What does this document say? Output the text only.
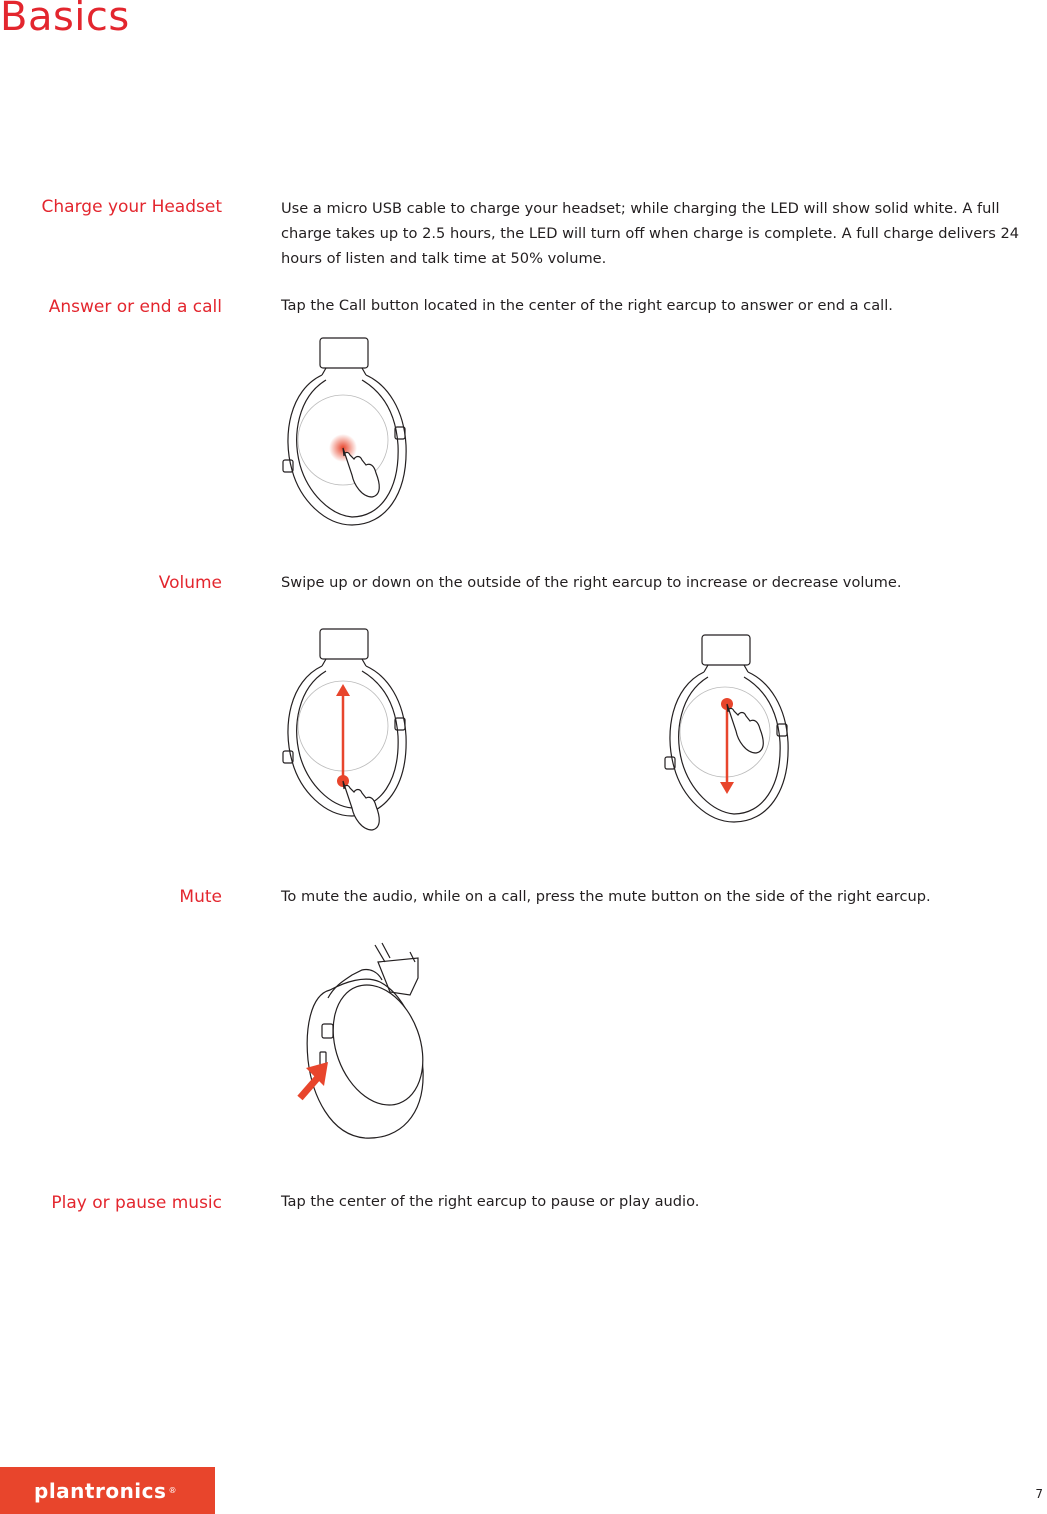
Basics

Charge your Headset	Use a micro USB cable to charge your headset; while charging the LED will show solid white. A full charge takes up to 2.5 hours, the LED will turn off when charge is complete. A full charge delivers 24 hours of listen and talk time at 50% volume.

Answer or end a call	Tap the Call button located in the center of the right earcup to answer or end a call.

Volume	Swipe up or down on the outside of the right earcup to increase or decrease volume.

Mute	To mute the audio, while on a call, press the mute button on the side of the right earcup.

Play or pause music	Tap the center of the right earcup to pause or play audio.

plantronics ®	7
